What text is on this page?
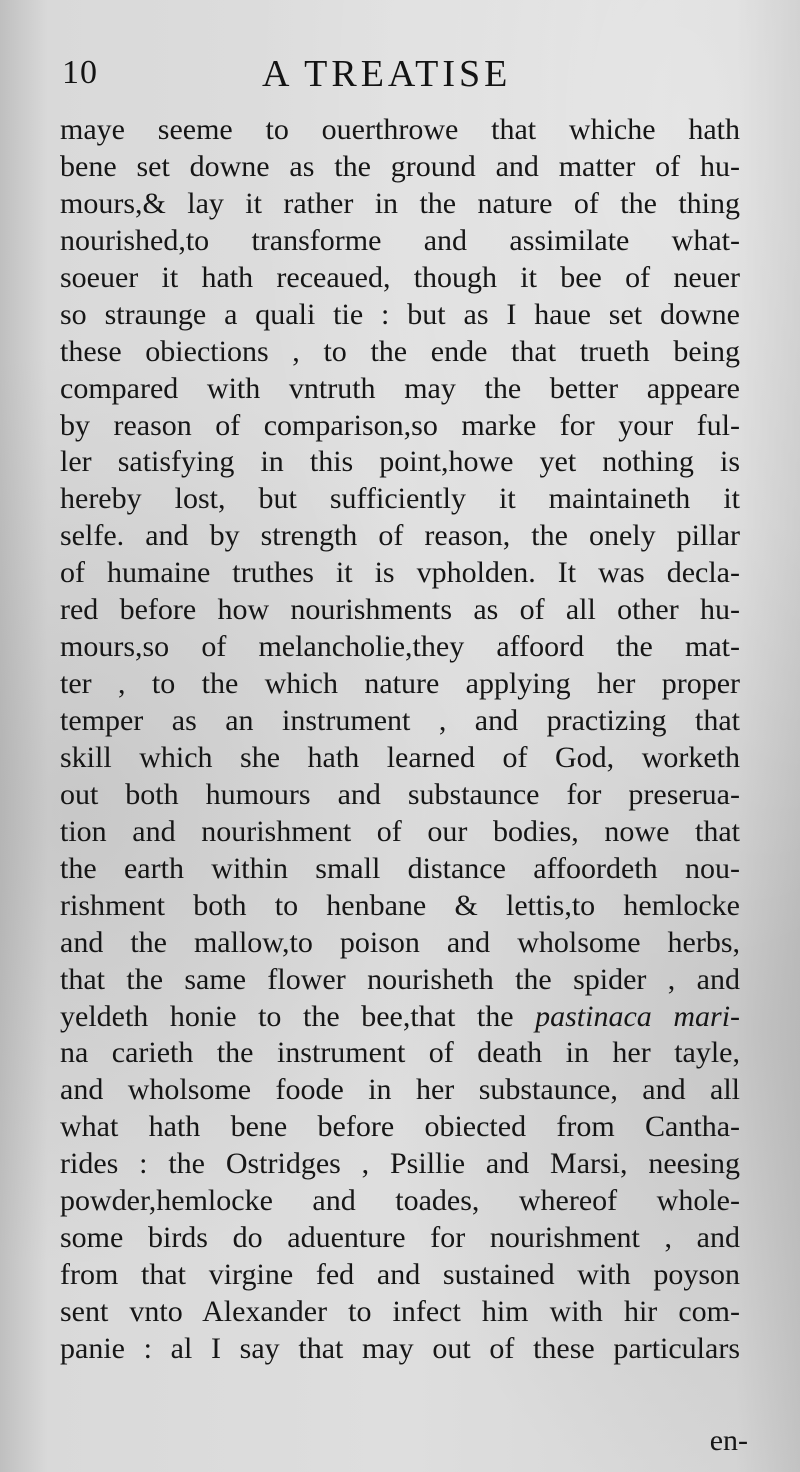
10	A TREATISE
maye seeme to ouerthrowe that whiche hath
bene set downe as the ground and matter of hu-
mours,& lay it rather in the nature of the thing
nourished,to transforme and assimilate what-
soeuer it hath receaued, though it bee of neuer
so straunge a quali tie : but as I haue set downe
these obiections , to the ende that trueth being
compared with vntruth may the better appeare
by reason of comparison,so marke for your ful-
ler satisfying in this point,howe yet nothing is
hereby lost, but sufficiently it maintaineth it
selfe. and by strength of reason, the onely pillar
of humaine truthes it is vpholden. It was decla-
red before how nourishments as of all other hu-
mours,so of melancholie,they affoord the mat-
ter , to the which nature applying her proper
temper as an instrument , and practizing that
skill which she hath learned of God, worketh
out both humours and substaunce for preserua-
tion and nourishment of our bodies, nowe that
the earth within small distance affoordeth nou-
rishment both to henbane & lettis,to hemlocke
and the mallow,to poison and wholsome herbs,
that the same flower nourisheth the spider , and
yeldeth honie to the bee,that the pastinaca mari-
na carieth the instrument of death in her tayle,
and wholsome foode in her substaunce, and all
what hath bene before obiected from Cantha-
rides : the Ostridges , Psillie and Marsi, neesing
powder,hemlocke and toades, whereof whole-
some birds do aduenture for nourishment , and
from that virgine fed and sustained with poyson
sent vnto Alexander to infect him with hir com-
panie : al I say that may out of these particulars
en-
